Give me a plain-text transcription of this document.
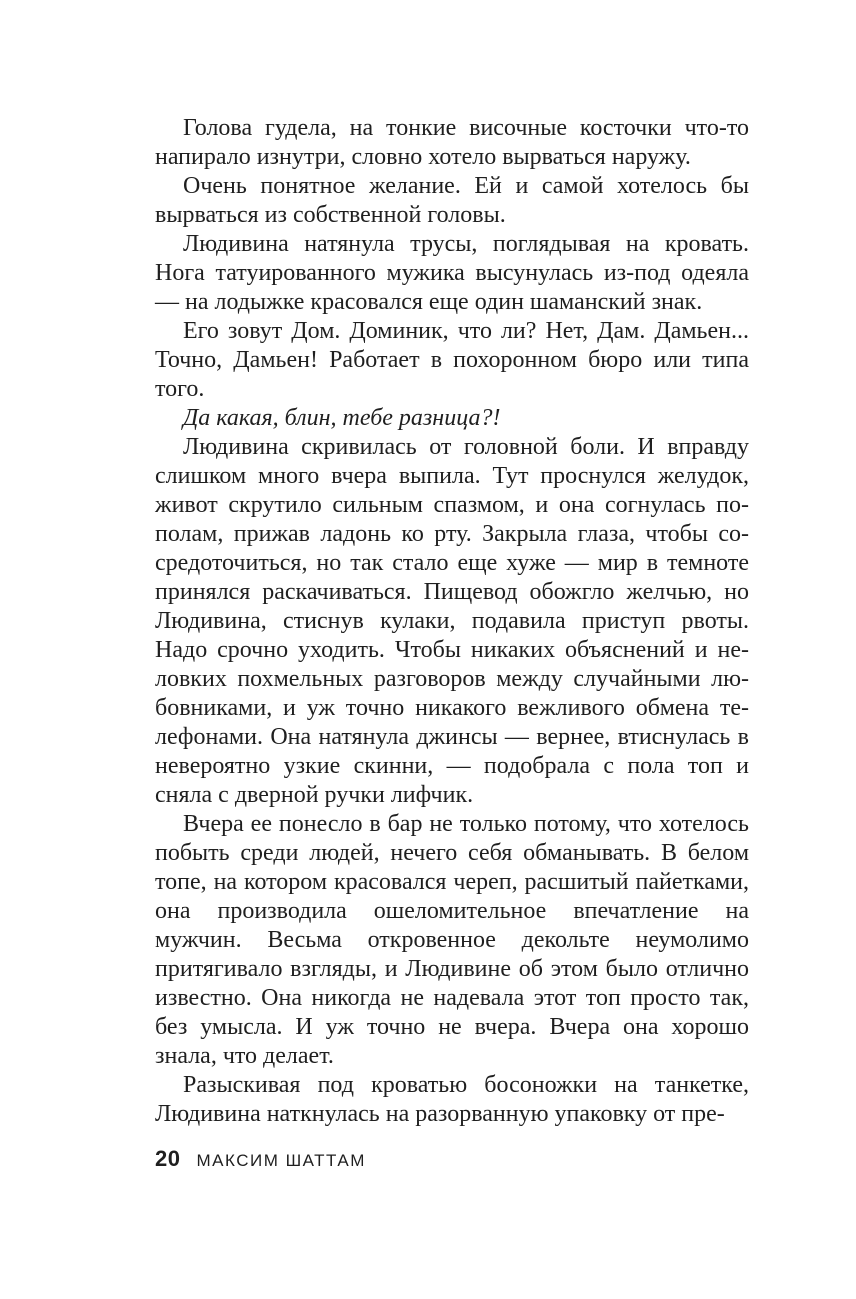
Голова гудела, на тонкие височные косточки что-то напирало изнутри, словно хотело вырваться наружу.

Очень понятное желание. Ей и самой хотелось бы вырваться из собственной головы.

Людивина натянула трусы, поглядывая на кровать. Нога татуированного мужика высунулась из-под одеяла — на лодыжке красовался еще один шаманский знак.

Его зовут Дом. Доминик, что ли? Нет, Дам. Дамьен... Точно, Дамьен! Работает в похоронном бюро или типа того.

Да какая, блин, тебе разница?!

Людивина скривилась от головной боли. И вправду слишком много вчера выпила. Тут проснулся желудок, живот скрутило сильным спазмом, и она согнулась пополам, прижав ладонь ко рту. Закрыла глаза, чтобы сосредоточиться, но так стало еще хуже — мир в темноте принялся раскачиваться. Пищевод обожгло желчью, но Людивина, стиснув кулаки, подавила приступ рвоты. Надо срочно уходить. Чтобы никаких объяснений и неловких похмельных разговоров между случайными любовниками, и уж точно никакого вежливого обмена телефонами. Она натянула джинсы — вернее, втиснулась в невероятно узкие скинни, — подобрала с пола топ и сняла с дверной ручки лифчик.

Вчера ее понесло в бар не только потому, что хотелось побыть среди людей, нечего себя обманывать. В белом топе, на котором красовался череп, расшитый пайетками, она производила ошеломительное впечатление на мужчин. Весьма откровенное декольте неумолимо притягивало взгляды, и Людивине об этом было отлично известно. Она никогда не надевала этот топ просто так, без умысла. И уж точно не вчера. Вчера она хорошо знала, что делает.

Разыскивая под кроватью босоножки на танкетке, Людивина наткнулась на разорванную упаковку от пре-

20 МАКСИМ ШАТТАМ
